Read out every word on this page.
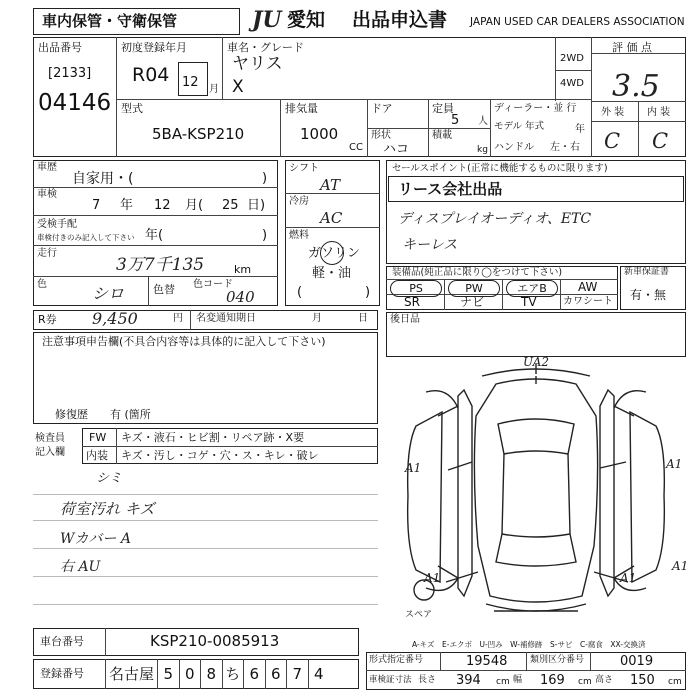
車内保管・守衛保管	JU 愛知 出品申込書 JAPAN USED CAR DEALERS ASSOCIATION
出品番号
[2133]
04146
初度登録年月
R04 12 月
車名・グレード
ヤリス
X
2WD
4WD
評 価 点
3.5
外 装 内 装
C C
型式
5BA-KSP210
排気量
1000
CC
ドア
形状
ハコ
定員
5 人
積載
kg
ディーラー・並 行
モデル 年式	年
ハンドル 左・右
車歴
自家用・(	)
車検
7 年 12 月( 25 日)
受検手配
車検付きのみ記入して下さい 年(	)
走行
3万7千135	km
色	シロ	色替 色コード
040
シフト
AT
冷房
AC
燃料
ガソリン
軽・油
(	)
セールスポイント(正常に機能するものに限ります)
リース会社出品
ディスプレイオーディオ、ETC
キーレス
装備品(純正品に限り◯をつけて下さい)
PS	PW	エアB	AW
SR	ナビ	TV	カワシート
新車保証書
有・無
R券 9,450	円 名変通知期日	月	日 後日品
注意事項申告欄(不具合内容等は具体的に記入して下さい)
修復歴　　有 (箇所
検査員 記入欄
FW キズ・液石・ヒビ割・リペア跡・X要
内装 キズ・汚し・コゲ・穴・ス・キレ・破レ
シミ
荷室汚れ キズ
Wカバー A
右 AU
UA2
A1	A1
A1	A1
A1
スペア
A-キズ　E-エクボ　U-凹み　W-補修跡　S-サビ　C-腐食　XX-交換済
車台番号	KSP210-0085913
名古屋 5 0 8 ち 6 6 7 4
登録番号
形式指定番号	19548	類別区分番号	0019
車検証寸法 長さ 394 cm 幅 169 cm 高さ 150 cm
